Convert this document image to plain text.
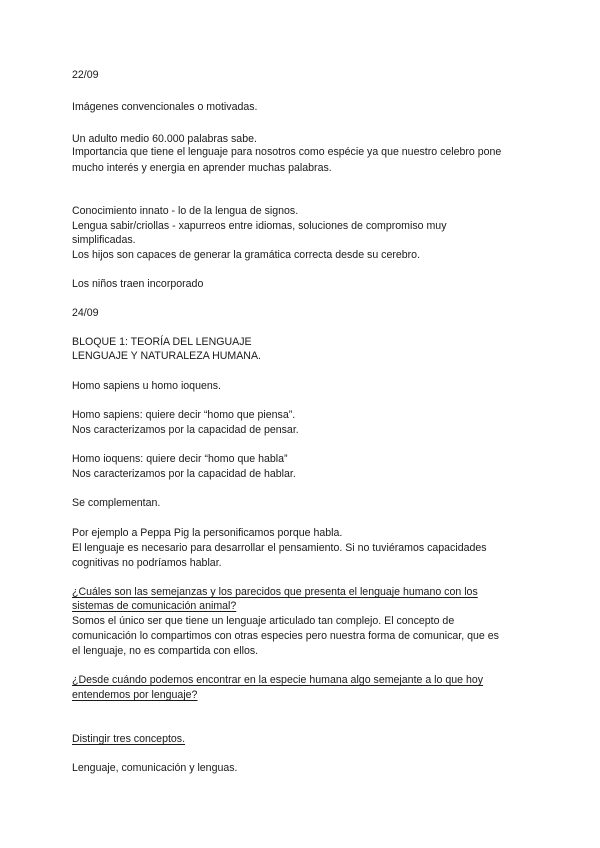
22/09
Imágenes convencionales o motivadas.
Un adulto medio 60.000 palabras sabe.
Importancia que tiene el lenguaje para nosotros como espécie ya que nuestro celebro pone
mucho interés y energia en aprender muchas palabras.
Conocimiento innato - lo de la lengua de signos.
Lengua sabir/criollas - xapurreos entre idiomas, soluciones de compromiso muy
simplificadas.
Los hijos son capaces de generar la gramática correcta desde su cerebro.
Los niños traen incorporado
24/09
BLOQUE 1: TEORÍA DEL LENGUAJE
LENGUAJE Y NATURALEZA HUMANA.
Homo sapiens u homo ioquens.
Homo sapiens: quiere decir “homo que piensa”.
Nos caracterizamos por la capacidad de pensar.
Homo ioquens: quiere decir “homo que habla”
Nos caracterizamos por la capacidad de hablar.
Se complementan.
Por ejemplo a Peppa Pig la personificamos porque habla.
El lenguaje es necesario para desarrollar el pensamiento. Si no tuviéramos capacidades
cognitivas no podríamos hablar.
¿Cuáles son las semejanzas y los parecidos que presenta el lenguaje humano con los
sistemas de comunicación animal?
Somos el único ser que tiene un lenguaje articulado tan complejo. El concepto de
comunicación lo compartimos con otras especies pero nuestra forma de comunicar, que es
el lenguaje, no es compartida con ellos.
¿Desde cuándo podemos encontrar en la especie humana algo semejante a lo que hoy
entendemos por lenguaje?
Distingir tres conceptos.
Lenguaje, comunicación y lenguas.
